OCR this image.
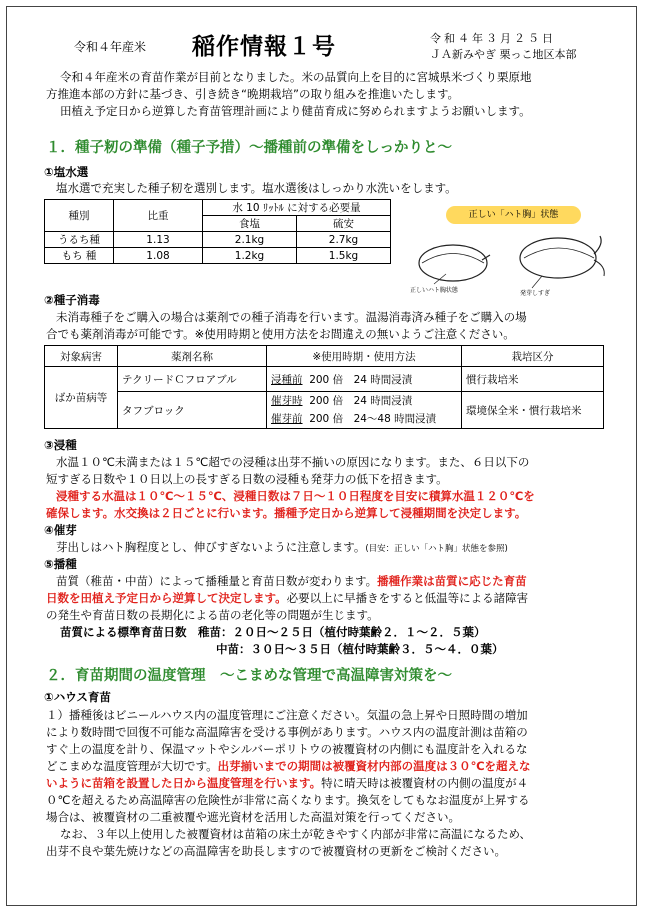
令和４年産米 稲作情報１号	令和４年３月２５日
ＪＡ新みやぎ 栗っこ地区本部
令和４年産米の育苗作業が目前となりました。米の品質向上を目的に宮城県米づくり栗原地
方推進本部の方針に基づき、引き続き“晩期栽培”の取り組みを推進いたします。
田植え予定日から逆算した育苗管理計画により健苗育成に努められますようお願いします。
１．種子籾の準備（種子予措）～播種前の準備をしっかりと～
①塩水選
塩水選で充実した種子籾を選別します。塩水選後はしっかり水洗いをします。
種別	比重	水 10 ﾘｯﾄﾙ に対する必要量	
		食塩	硫安
うるち種	1.13	2.1kg	2.7kg
もち 種	1.08	1.2kg	1.5kg
正しいハト胸状態	発芽しすぎ
正しい「ハト胸」状態
②種子消毒
未消毒種子をご購入の場合は薬剤での種子消毒を行います。温湯消毒済み種子をご購入の場
合でも薬剤消毒が可能です。※使用時期と使用方法をお間違えの無いようご注意ください。
対象病害	薬剤名称	※使用時期・使用方法	栽培区分
ばか苗病等	テクリードＣフロアブル	浸種前 200 倍　24 時間浸漬	慣行栽培米
	タフブロック	催芽時 200 倍　24 時間浸漬
催芽前 200 倍　24～48 時間浸漬	環境保全米・慣行栽培米
③浸種
水温１０℃未満または１５℃超での浸種は出芽不揃いの原因になります。また、６日以下の
短すぎる日数や１０日以上の長すぎる日数の浸種も発芽力の低下を招きます。
浸種する水温は１０℃～１５℃、浸種日数は７日～１０日程度を目安に積算水温１２０℃を
確保します。水交換は２日ごとに行います。播種予定日から逆算して浸種期間を決定します。
④催芽
芽出しはハト胸程度とし、伸びすぎないように注意します。(目安：正しい「ハト胸」状態を参照)
⑤播種
苗質（稚苗・中苗）によって播種量と育苗日数が変わります。播種作業は苗質に応じた育苗
日数を田植え予定日から逆算して決定します。必要以上に早播きをすると低温等による諸障害
の発生や育苗日数の長期化による苗の老化等の問題が生じます。
苗質による標準育苗日数　稚苗：２０日～２５日（植付時葉齢２．１～２．５葉）
中苗：３０日～３５日（植付時葉齢３．５～４．０葉）
２．育苗期間の温度管理　～こまめな管理で高温障害対策を～
①ハウス育苗
１）播種後はビニールハウス内の温度管理にご注意ください。気温の急上昇や日照時間の増加
により数時間で回復不可能な高温障害を受ける事例があります。ハウス内の温度計測は苗箱の
すぐ上の温度を計り、保温マットやシルバーポリトウの被覆資材の内側にも温度計を入れるな
どこまめな温度管理が大切です。出芽揃いまでの期間は被覆資材内部の温度は３０℃を超えな
いように苗箱を設置した日から温度管理を行います。特に晴天時は被覆資材の内側の温度が４
０℃を超えるため高温障害の危険性が非常に高くなります。換気をしてもなお温度が上昇する
場合は、被覆資材の二重被覆や遮光資材を活用した高温対策を行ってください。
なお、３年以上使用した被覆資材は苗箱の床土が乾きやすく内部が非常に高温になるため、
出芽不良や葉先焼けなどの高温障害を助長しますので被覆資材の更新をご検討ください。
